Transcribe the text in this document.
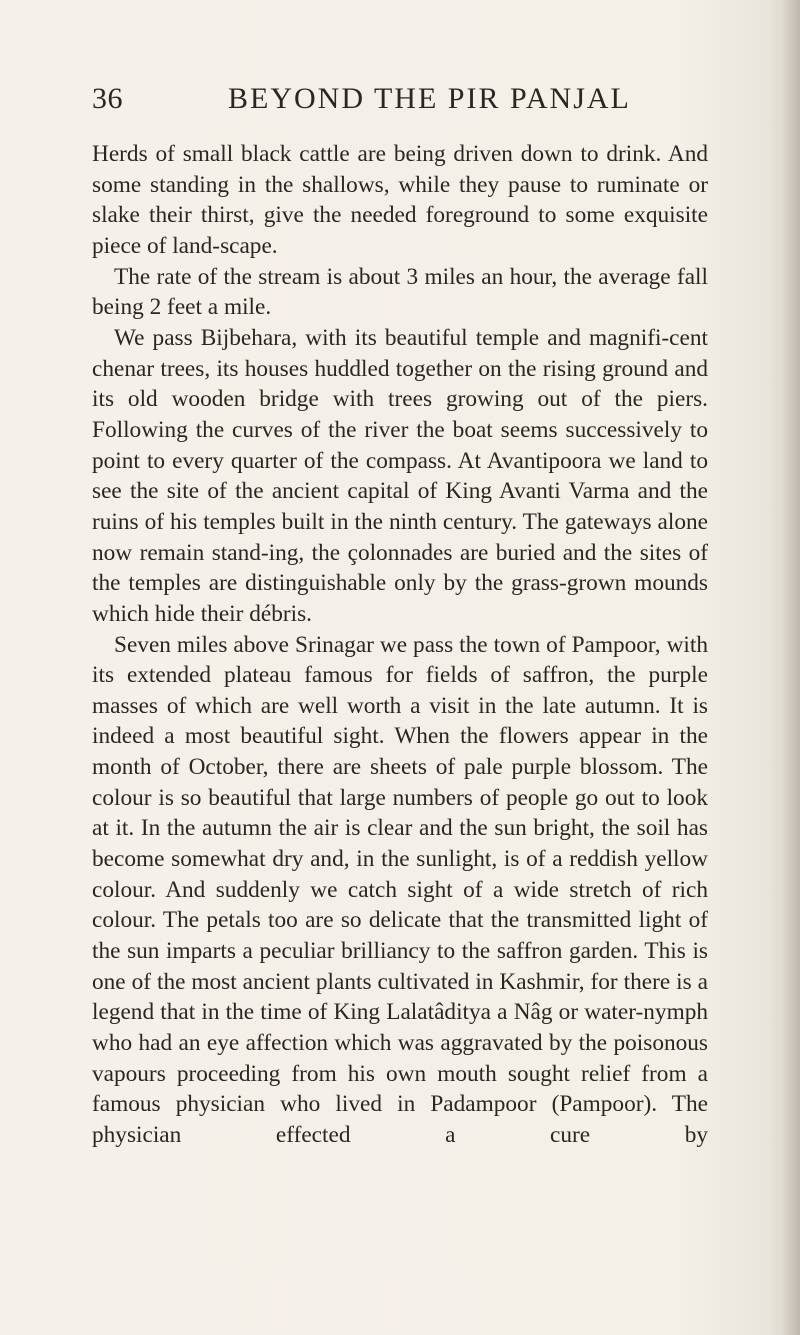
36	BEYOND THE PIR PANJAL

Herds of small black cattle are being driven down to drink. And some standing in the shallows, while they pause to ruminate or slake their thirst, give the needed foreground to some exquisite piece of land-scape.

The rate of the stream is about 3 miles an hour, the average fall being 2 feet a mile.

We pass Bijbehara, with its beautiful temple and magnifi-cent chenar trees, its houses huddled together on the rising ground and its old wooden bridge with trees growing out of the piers. Following the curves of the river the boat seems successively to point to every quarter of the compass. At Avantipoora we land to see the site of the ancient capital of King Avanti Varma and the ruins of his temples built in the ninth century. The gateways alone now remain stand-ing, the çolonnades are buried and the sites of the temples are distinguishable only by the grass-grown mounds which hide their débris.

Seven miles above Srinagar we pass the town of Pampoor, with its extended plateau famous for fields of saffron, the purple masses of which are well worth a visit in the late autumn. It is indeed a most beautiful sight. When the flowers appear in the month of October, there are sheets of pale purple blossom. The colour is so beautiful that large numbers of people go out to look at it. In the autumn the air is clear and the sun bright, the soil has become somewhat dry and, in the sunlight, is of a reddish yellow colour. And suddenly we catch sight of a wide stretch of rich colour. The petals too are so delicate that the transmitted light of the sun imparts a peculiar brilliancy to the saffron garden. This is one of the most ancient plants cultivated in Kashmir, for there is a legend that in the time of King Lalatâditya a Nâg or water-nymph who had an eye affection which was aggravated by the poisonous vapours proceeding from his own mouth sought relief from a famous physician who lived in Padampoor (Pampoor). The physician effected a cure by
